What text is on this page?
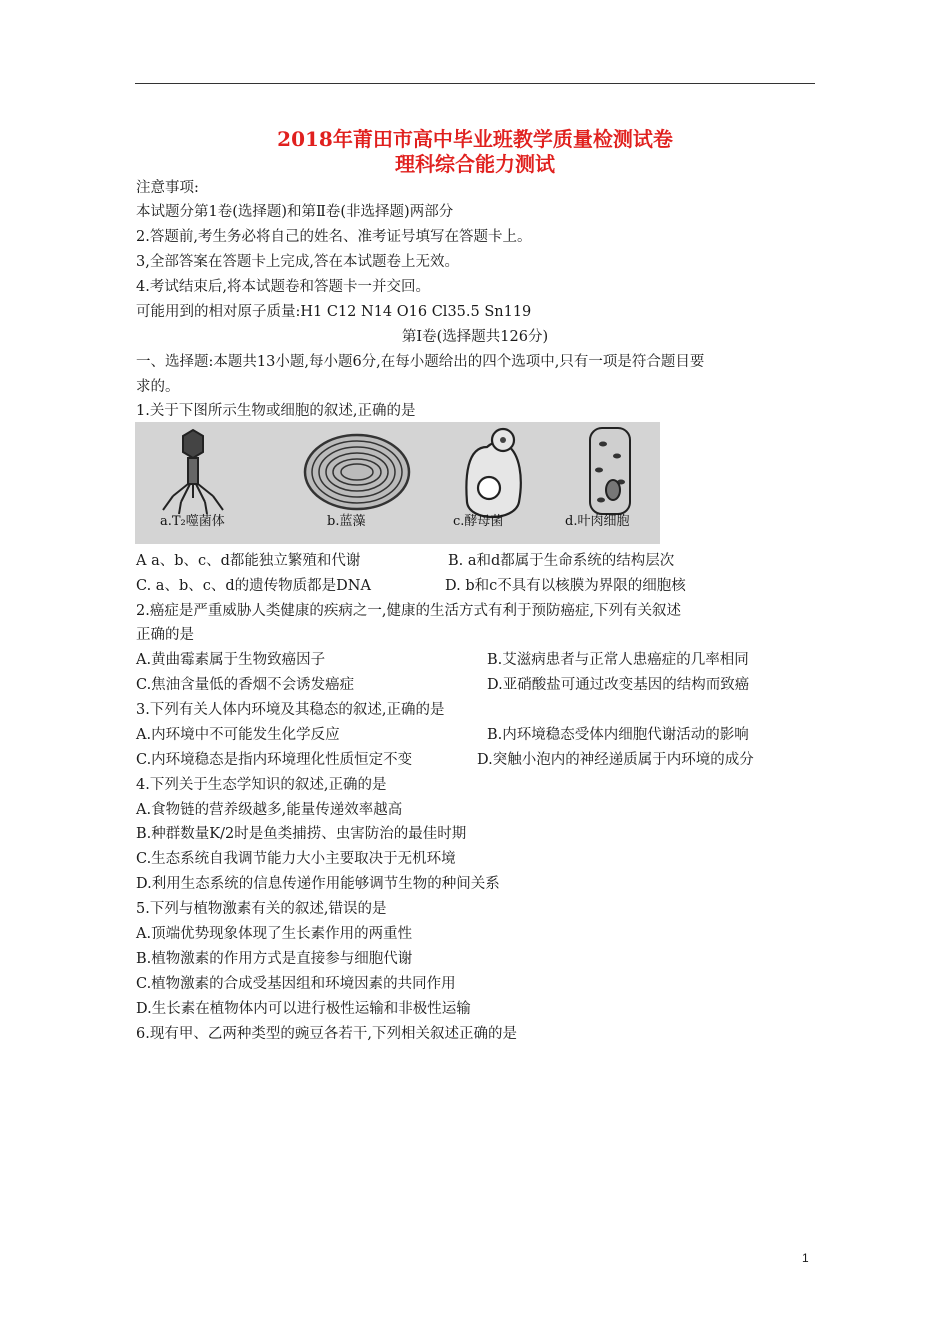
2018年莆田市高中毕业班教学质量检测试卷
理科综合能力测试
注意事项:
本试题分第1卷(选择题)和第Ⅱ卷(非选择题)两部分
2.答题前,考生务必将自己的姓名、准考证号填写在答题卡上。
3,全部答案在答题卡上完成,答在本试题卷上无效。
4.考试结束后,将本试题卷和答题卡一并交回。
可能用到的相对原子质量:H1 C12 N14 O16 Cl35.5 Sn119
第Ⅰ卷(选择题共126分)
一、选择题:本题共13小题,每小题6分,在每小题给出的四个选项中,只有一项是符合题目要
求的。
1.关于下图所示生物或细胞的叙述,正确的是
a.T₂噬菌体	b.蓝藻	c.酵母菌	d.叶肉细胞
A a、b、c、d都能独立繁殖和代谢	B. a和d都属于生命系统的结构层次
C. a、b、c、d的遗传物质都是DNA	D. b和c不具有以核膜为界限的细胞核
2.癌症是严重威胁人类健康的疾病之一,健康的生活方式有利于预防癌症,下列有关叙述
正确的是
A.黄曲霉素属于生物致癌因子	B.艾滋病患者与正常人患癌症的几率相同
C.焦油含量低的香烟不会诱发癌症	D.亚硝酸盐可通过改变基因的结构而致癌
3.下列有关人体内环境及其稳态的叙述,正确的是
A.内环境中不可能发生化学反应	B.内环境稳态受体内细胞代谢活动的影响
C.内环境稳态是指内环境理化性质恒定不变	D.突触小泡内的神经递质属于内环境的成分
4.下列关于生态学知识的叙述,正确的是
A.食物链的营养级越多,能量传递效率越高
B.种群数量K/2时是鱼类捕捞、虫害防治的最佳时期
C.生态系统自我调节能力大小主要取决于无机环境
D.利用生态系统的信息传递作用能够调节生物的种间关系
5.下列与植物激素有关的叙述,错误的是
A.顶端优势现象体现了生长素作用的两重性
B.植物激素的作用方式是直接参与细胞代谢
C.植物激素的合成受基因组和环境因素的共同作用
D.生长素在植物体内可以进行极性运输和非极性运输
6.现有甲、乙两种类型的豌豆各若干,下列相关叙述正确的是
1
